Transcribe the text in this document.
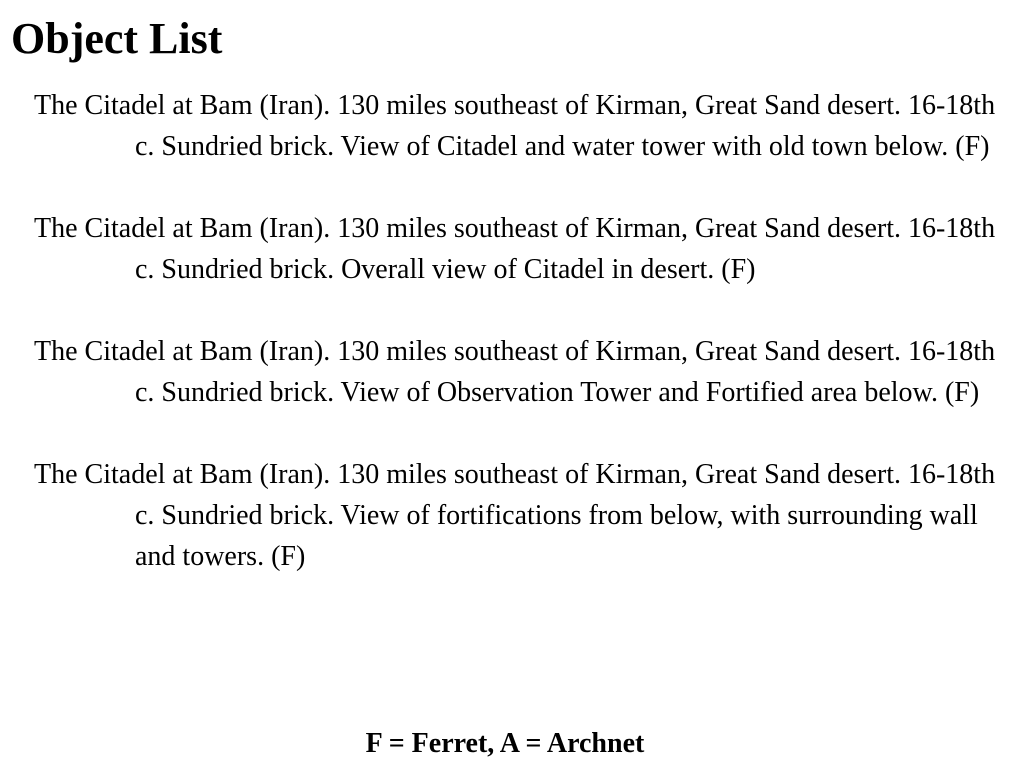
Object List
The Citadel at Bam (Iran). 130 miles southeast of Kirman, Great Sand desert. 16-18th c. Sundried brick. View of Citadel and water tower with old town below. (F)
The Citadel at Bam (Iran). 130 miles southeast of Kirman, Great Sand desert. 16-18th c. Sundried brick. Overall view of Citadel in desert. (F)
The Citadel at Bam (Iran). 130 miles southeast of Kirman, Great Sand desert. 16-18th c. Sundried brick. View of Observation Tower and Fortified area below. (F)
The Citadel at Bam (Iran). 130 miles southeast of Kirman, Great Sand desert. 16-18th c. Sundried brick. View of fortifications from below, with surrounding wall and towers. (F)

F = Ferret, A = Archnet
